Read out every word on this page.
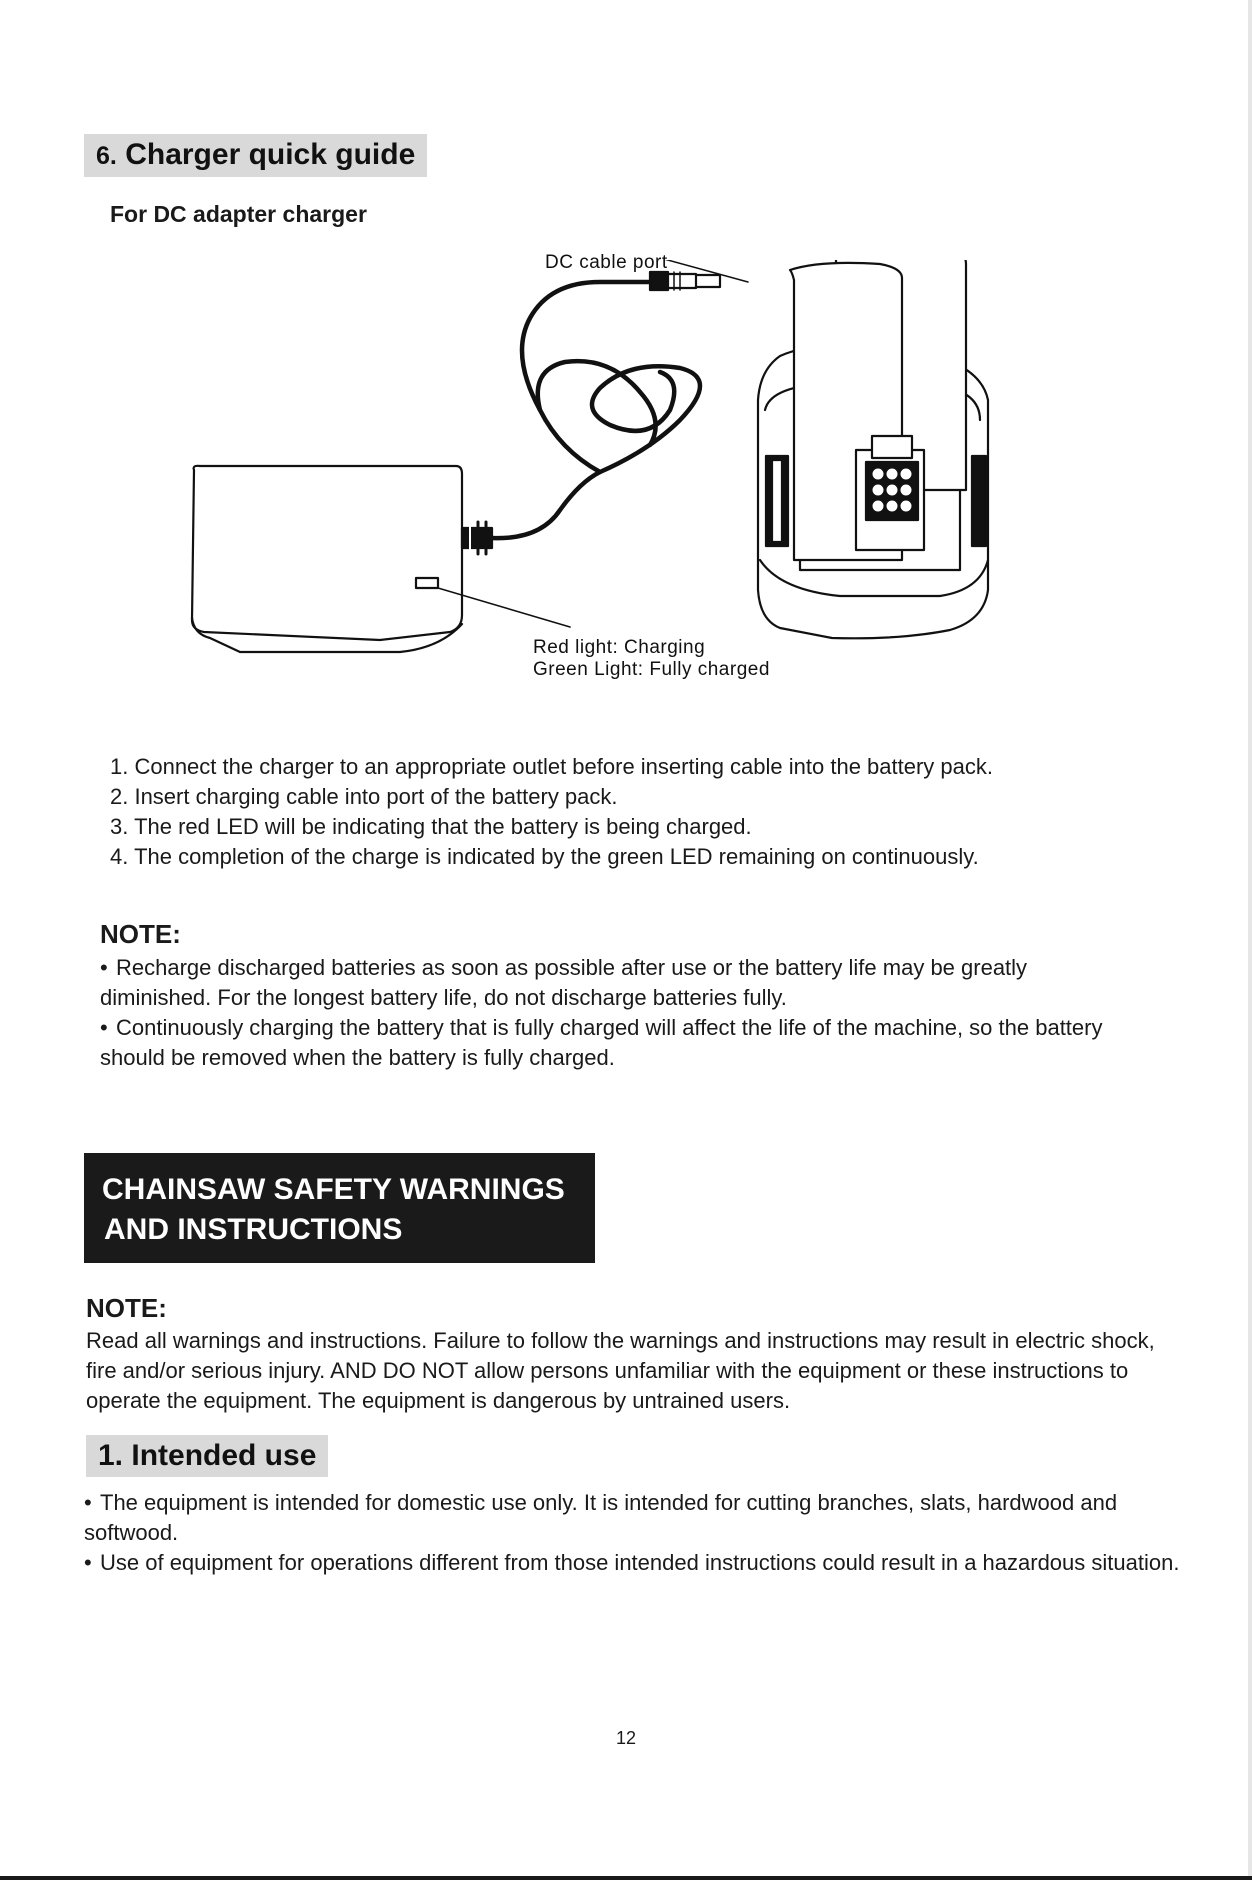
6. Charger quick guide
For DC adapter charger
DC cable port
Red light: Charging
Green Light: Fully charged
1. Connect the charger to an appropriate outlet before inserting cable into the battery pack.
2. Insert charging cable into port of the battery pack.
3. The red LED will be indicating that the battery is being charged.
4. The completion of the charge is indicated by the green LED remaining on continuously.
NOTE:
• Recharge discharged batteries as soon as possible after use or the battery life may be greatly diminished. For the longest battery life, do not discharge batteries fully.
• Continuously charging the battery that is fully charged will affect the life of the machine, so the battery should be removed when the battery is fully charged.
CHAINSAW SAFETY WARNINGS
AND INSTRUCTIONS
NOTE:
Read all warnings and instructions. Failure to follow the warnings and instructions may result in electric shock, fire and/or serious injury. AND DO NOT allow persons unfamiliar with the equipment or these instructions to operate the equipment. The equipment is dangerous by untrained users.
1. Intended use
• The equipment is intended for domestic use only. It is intended for cutting branches, slats, hardwood and softwood.
• Use of equipment for operations different from those intended instructions could result in a hazardous situation.
12
